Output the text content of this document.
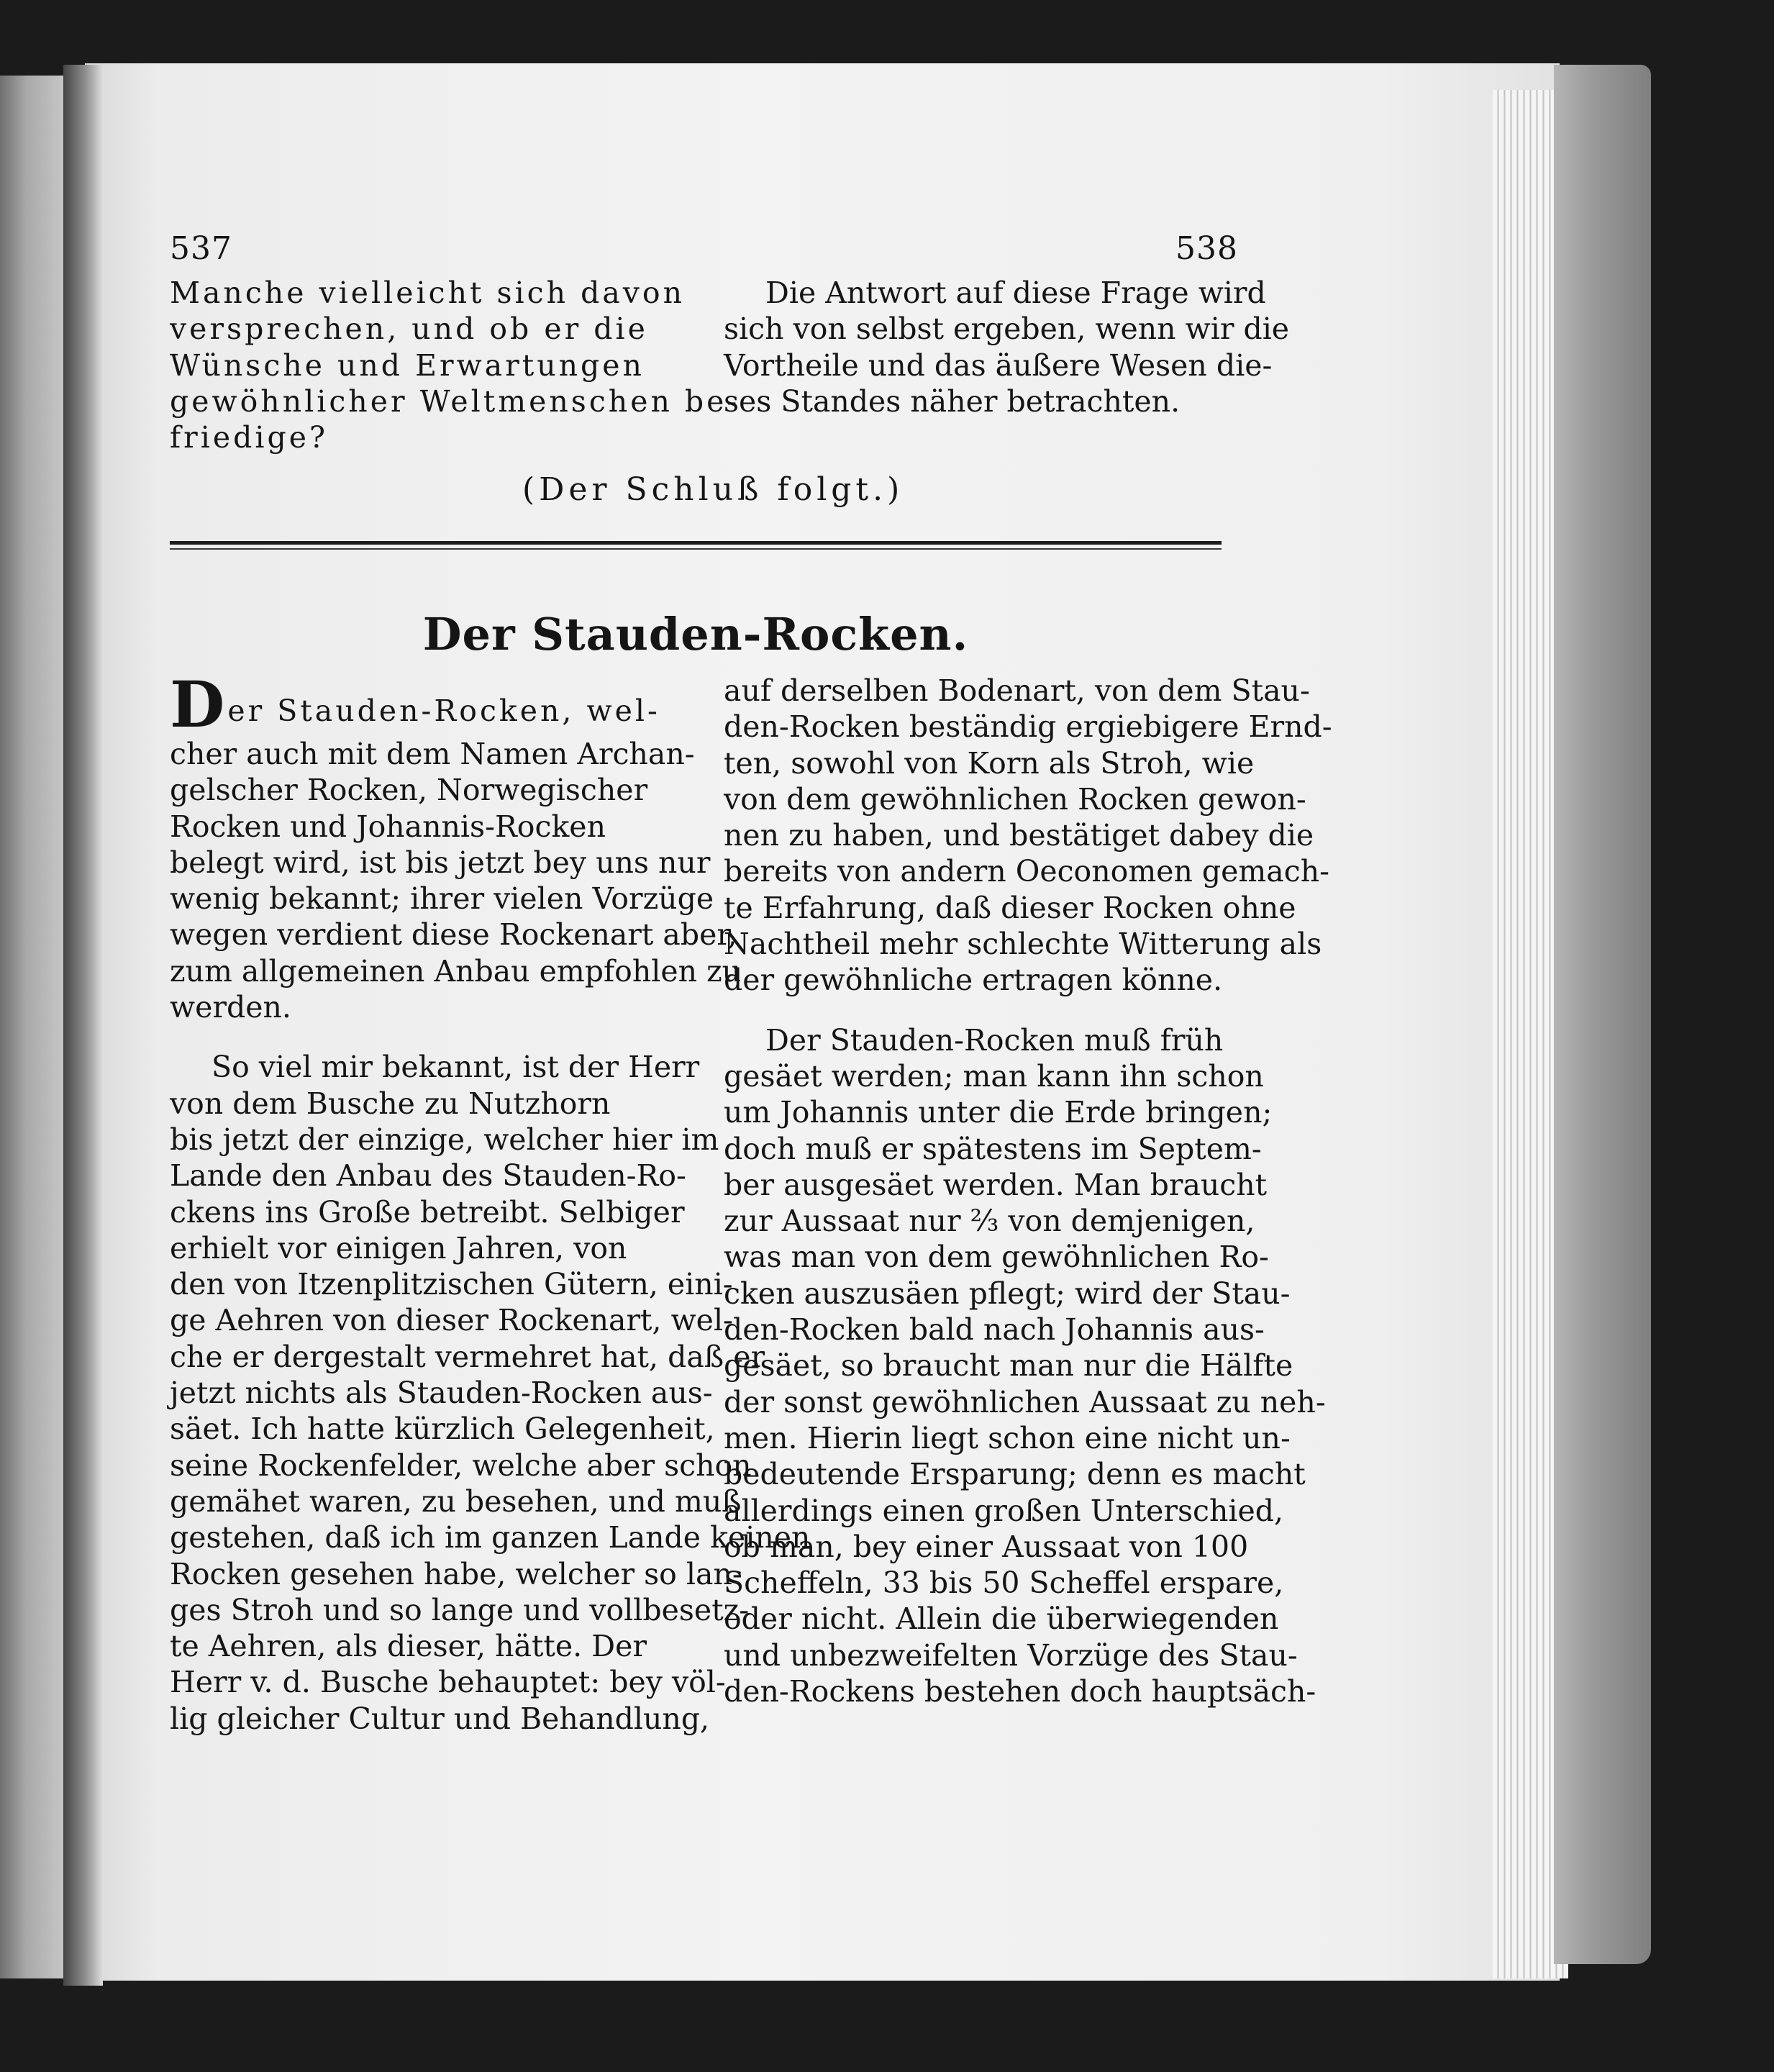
537	538
Manche vielleicht sich davon
versprechen, und ob er die
Wünsche und Erwartungen
gewöhnlicher Weltmenschen be-
friedige?
Die Antwort auf diese Frage wird
sich von selbst ergeben, wenn wir die
Vortheile und das äußere Wesen die-
ses Standes näher betrachten.
(Der Schluß folgt.)
Der Stauden-Rocken.
Der Stauden-Rocken, wel-
cher auch mit dem Namen Archan-
gelscher Rocken, Norwegischer
Rocken und Johannis-Rocken
belegt wird, ist bis jetzt bey uns nur
wenig bekannt; ihrer vielen Vorzüge
wegen verdient diese Rockenart aber,
zum allgemeinen Anbau empfohlen zu
werden.
So viel mir bekannt, ist der Herr
von dem Busche zu Nutzhorn
bis jetzt der einzige, welcher hier im
Lande den Anbau des Stauden-Ro-
ckens ins Große betreibt. Selbiger
erhielt vor einigen Jahren, von
den von Itzenplitzischen Gütern, eini-
ge Aehren von dieser Rockenart, wel-
che er dergestalt vermehret hat, daß er
jetzt nichts als Stauden-Rocken aus-
säet. Ich hatte kürzlich Gelegenheit,
seine Rockenfelder, welche aber schon
gemähet waren, zu besehen, und muß
gestehen, daß ich im ganzen Lande keinen
Rocken gesehen habe, welcher so lan-
ges Stroh und so lange und vollbesetz-
te Aehren, als dieser, hätte. Der
Herr v. d. Busche behauptet: bey völ-
lig gleicher Cultur und Behandlung,
auf derselben Bodenart, von dem Stau-
den-Rocken beständig ergiebigere Ernd-
ten, sowohl von Korn als Stroh, wie
von dem gewöhnlichen Rocken gewon-
nen zu haben, und bestätiget dabey die
bereits von andern Oeconomen gemach-
te Erfahrung, daß dieser Rocken ohne
Nachtheil mehr schlechte Witterung als
der gewöhnliche ertragen könne.
Der Stauden-Rocken muß früh
gesäet werden; man kann ihn schon
um Johannis unter die Erde bringen;
doch muß er spätestens im Septem-
ber ausgesäet werden. Man braucht
zur Aussaat nur ⅔ von demjenigen,
was man von dem gewöhnlichen Ro-
cken auszusäen pflegt; wird der Stau-
den-Rocken bald nach Johannis aus-
gesäet, so braucht man nur die Hälfte
der sonst gewöhnlichen Aussaat zu neh-
men. Hierin liegt schon eine nicht un-
bedeutende Ersparung; denn es macht
allerdings einen großen Unterschied,
ob man, bey einer Aussaat von 100
Scheffeln, 33 bis 50 Scheffel erspare,
oder nicht. Allein die überwiegenden
und unbezweifelten Vorzüge des Stau-
den-Rockens bestehen doch hauptsäch-
